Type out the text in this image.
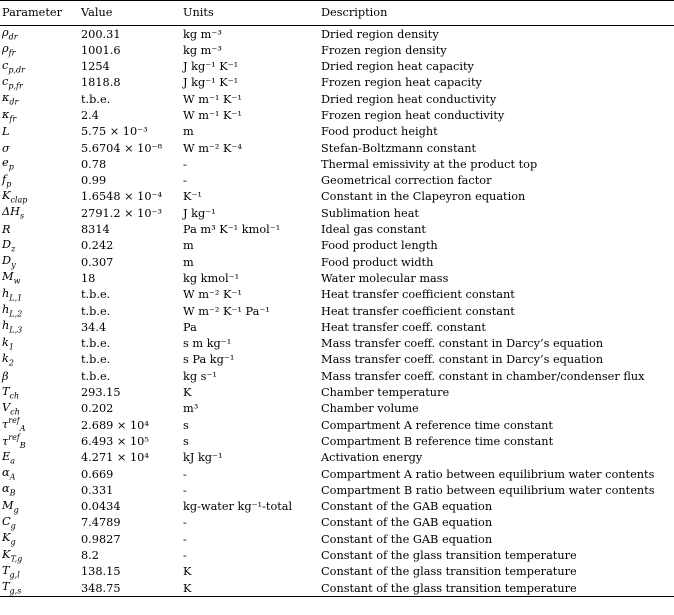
Parameter	Value	Units	Description
$\rho_{dr}$	200.31	kg m⁻³	Dried region density
$\rho_{fr}$	1001.6	kg m⁻³	Frozen region density
$c_{p,dr}$	1254	J kg⁻¹ K⁻¹	Dried region heat capacity
$c_{p,fr}$	1818.8	J kg⁻¹ K⁻¹	Frozen region heat capacity
$\kappa_{dr}$	t.b.e.	W m⁻¹ K⁻¹	Dried region heat conductivity
$\kappa_{fr}$	2.4	W m⁻¹ K⁻¹	Frozen region heat conductivity
L	5.75 × 10⁻³	m	Food product height
σ	5.6704 × 10⁻⁸	W m⁻² K⁻⁴	Stefan-Boltzmann constant
$e_p$	0.78	-	Thermal emissivity at the product top
$f_p$	0.99	-	Geometrical correction factor
$K_{clap}$	1.6548 × 10⁻⁴	K⁻¹	Constant in the Clapeyron equation
$\Delta H_s$	2791.2 × 10⁻³	J kg⁻¹	Sublimation heat
R	8314	Pa m³ K⁻¹ kmol⁻¹	Ideal gas constant
$D_z$	0.242	m	Food product length
$D_y$	0.307	m	Food product width
$M_w$	18	kg kmol⁻¹	Water molecular mass
$h_{L,1}$	t.b.e.	W m⁻² K⁻¹	Heat transfer coefficient constant
$h_{L,2}$	t.b.e.	W m⁻² K⁻¹ Pa⁻¹	Heat transfer coefficient constant
$h_{L,3}$	34.4	Pa	Heat transfer coeff. constant
$k_1$	t.b.e.	s m kg⁻¹	Mass transfer coeff. constant in Darcy’s equation
$k_2$	t.b.e.	s Pa kg⁻¹	Mass transfer coeff. constant in Darcy’s equation
β	t.b.e.	kg s⁻¹	Mass transfer coeff. constant in chamber/condenser flux
$T_{ch}$	293.15	K	Chamber temperature
$V_{ch}$	0.202	m³	Chamber volume
$\tau^{ref}_A$	2.689 × 10⁴	s	Compartment A reference time constant
$\tau^{ref}_B$	6.493 × 10⁵	s	Compartment B reference time constant
$E_a$	4.271 × 10⁴	kJ kg⁻¹	Activation energy
$\alpha_A$	0.669	-	Compartment A ratio between equilibrium water contents
$\alpha_B$	0.331	-	Compartment B ratio between equilibrium water contents
$M_g$	0.0434	kg-water kg⁻¹-total	Constant of the GAB equation
$C_g$	7.4789	-	Constant of the GAB equation
$K_g$	0.9827	-	Constant of the GAB equation
$K_{T,g}$	8.2	-	Constant of the glass transition temperature
$T_{g,l}$	138.15	K	Constant of the glass transition temperature
$T_{g,s}$	348.75	K	Constant of the glass transition temperature
